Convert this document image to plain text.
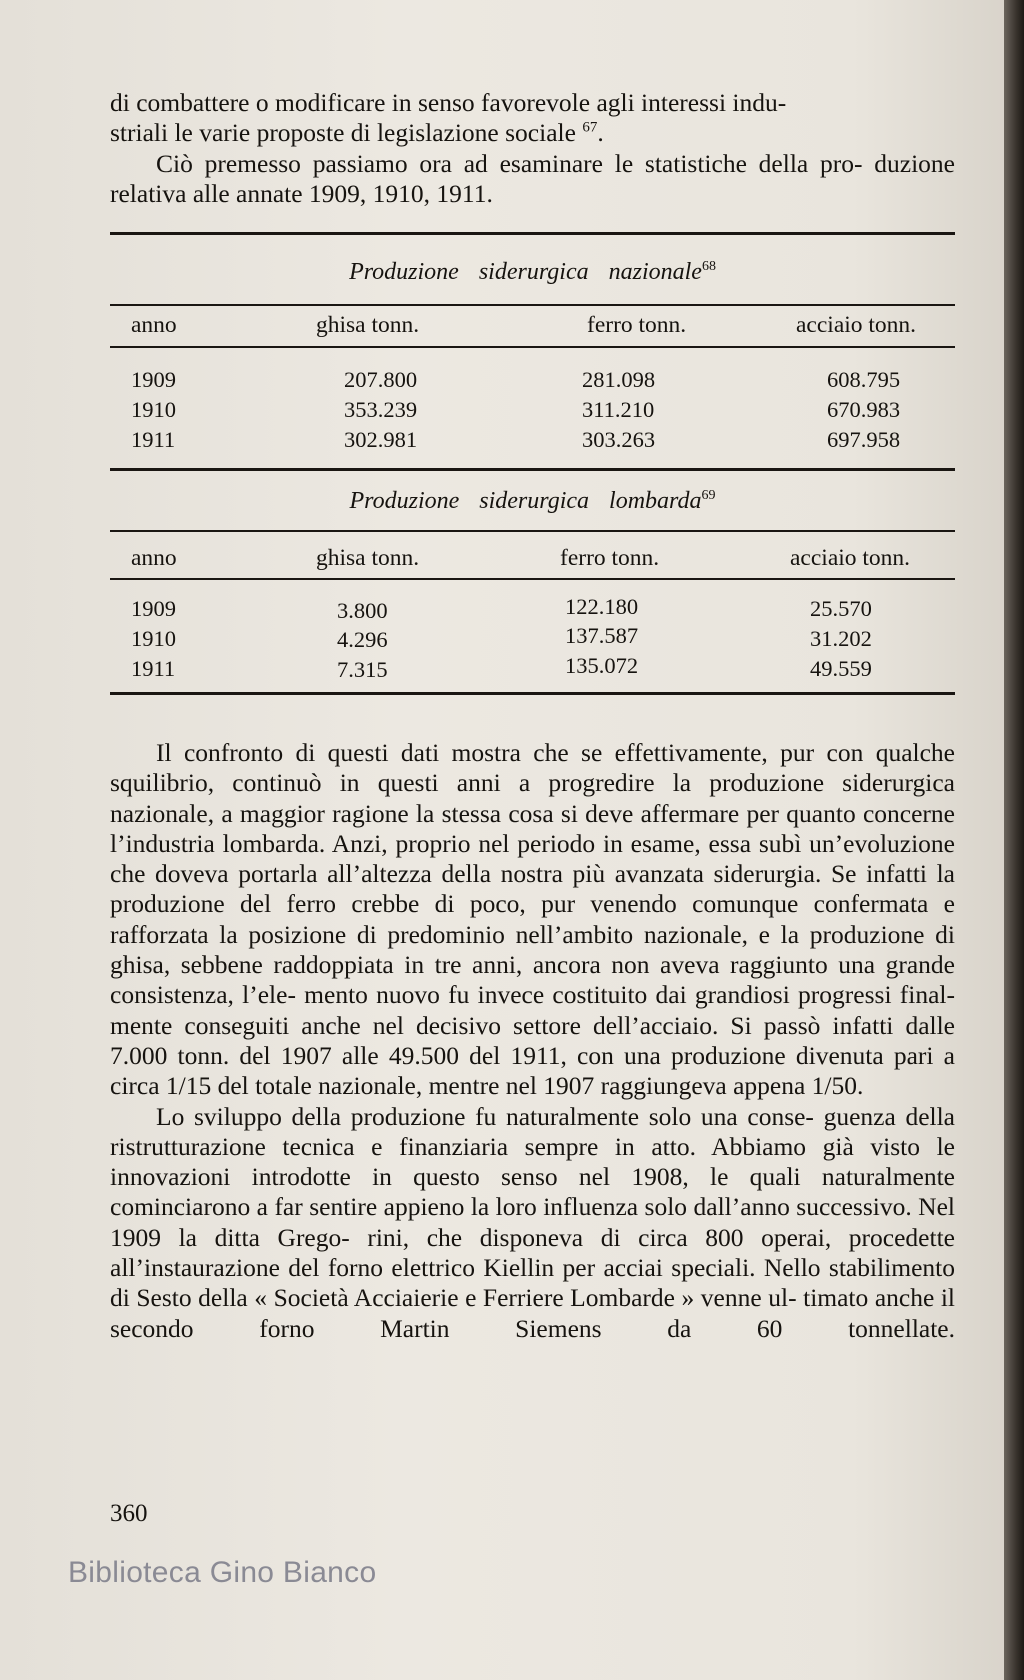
di combattere o modificare in senso favorevole agli interessi indu-

striali le varie proposte di legislazione sociale $^{67}$.

Ciò premesso passiamo ora ad esaminare le statistiche della pro- duzione relativa alle annate 1909, 1910, 1911.

Produzione siderurgica nazionale$^{68}$
anno	ghisa tonn.	ferro tonn.	acciaio tonn.
1909	207.800	281.098	608.795
1910	353.239	311.210	670.983
1911	302.981	303.263	697.958
Produzione siderurgica lombarda$^{69}$
anno	ghisa tonn.	ferro tonn.	acciaio tonn.
1909	3.800	122.180	25.570
1910	4.296	137.587	31.202
1911	7.315	135.072	49.559

Il confronto di questi dati mostra che se effettivamente, pur con qualche squilibrio, continuò in questi anni a progredire la produzione siderurgica nazionale, a maggior ragione la stessa cosa si deve affermare per quanto concerne l’industria lombarda. Anzi, proprio nel periodo in esame, essa subì un’evoluzione che doveva portarla all’altezza della nostra più avanzata siderurgia. Se infatti la produzione del ferro crebbe di poco, pur venendo comunque confermata e rafforzata la posizione di predominio nell’ambito nazionale, e la produzione di ghisa, sebbene raddoppiata in tre anni, ancora non aveva raggiunto una grande consistenza, l’ele- mento nuovo fu invece costituito dai grandiosi progressi final- mente conseguiti anche nel decisivo settore dell’acciaio. Si passò infatti dalle 7.000 tonn. del 1907 alle 49.500 del 1911, con una produzione divenuta pari a circa 1/15 del totale nazionale, mentre nel 1907 raggiungeva appena 1/50.

Lo sviluppo della produzione fu naturalmente solo una conse- guenza della ristrutturazione tecnica e finanziaria sempre in atto. Abbiamo già visto le innovazioni introdotte in questo senso nel 1908, le quali naturalmente cominciarono a far sentire appieno la loro influenza solo dall’anno successivo. Nel 1909 la ditta Grego- rini, che disponeva di circa 800 operai, procedette all’instaurazione del forno elettrico Kiellin per acciai speciali. Nello stabilimento di Sesto della « Società Acciaierie e Ferriere Lombarde » venne ul- timato anche il secondo forno Martin Siemens da 60 tonnellate.

360
Biblioteca Gino Bianco
